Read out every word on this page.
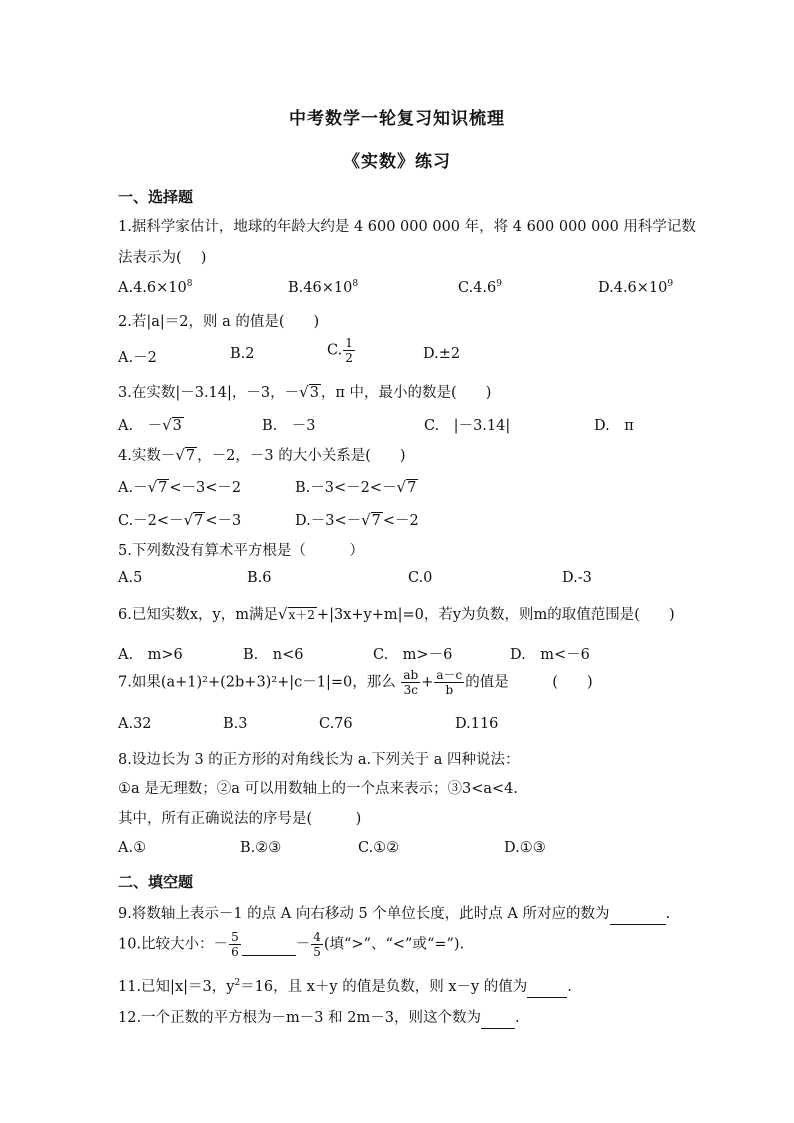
中考数学一轮复习知识梳理
《实数》练习
一、选择题
1.据科学家估计，地球的年龄大约是 4 600 000 000 年，将 4 600 000 000 用科学记数
法表示为(　 )
$A.4.6\times 10^8$	$B.46\times 10^8$	C.4.6$^9$	$D.4.6\times 10^9$
2.若|a|＝2，则 a 的值是(　　)
A.－2	B.2	C. $\frac{1}{2}$	D.±2
3.在实数|－3.14|，－3，－√3 ，π 中，最小的数是(　　)
A.　－√3	B.　－3	C.　|－3.14|	D.　π
4.实数－√7 ，－2，－3 的大小关系是(　　)
A.－√7 <－3<－2	B.－3<－2<－√7
C.－2<－√7 <－3	D.－3<－√7 <－2
5.下列数没有算术平方根是（　　　）
A.5	B.6	C.0	D.-3
6.已知实数x，y，m满足√x＋2 +|3x+y+m|=0，若y为负数，则m的取值范围是(　　)
A.　m>6	B.　n<6	C.　m>－6	D.　m<－6
7.如果(a+1)²+(2b+3)²+|c－1|=0，那么 $\frac{ab}{3c} + \frac{a-c}{b}$ 的值是　　　(　　)
A.32	B.3	C.76	D.116
8.设边长为 3 的正方形的对角线长为 a.下列关于 a 四种说法：
①a 是无理数；②a 可以用数轴上的一个点来表示；③3<a<4.
其中，所有正确说法的序号是(　　　)
A.①	B.②③	C.①②	D.①③
二、填空题
9.将数轴上表示－1 的点 A 向右移动 5 个单位长度，此时点 A 所对应的数为	.
10.比较大小：－ $\frac{5}{6}$	－ $\frac{4}{5}$ (填“>”、“<”或“=”).
11.已知|x|＝3，$y^2=16$，且 x＋y 的值是负数，则 x－y 的值为	.
12.一个正数的平方根为－m－3 和 2m－3，则这个数为 .
